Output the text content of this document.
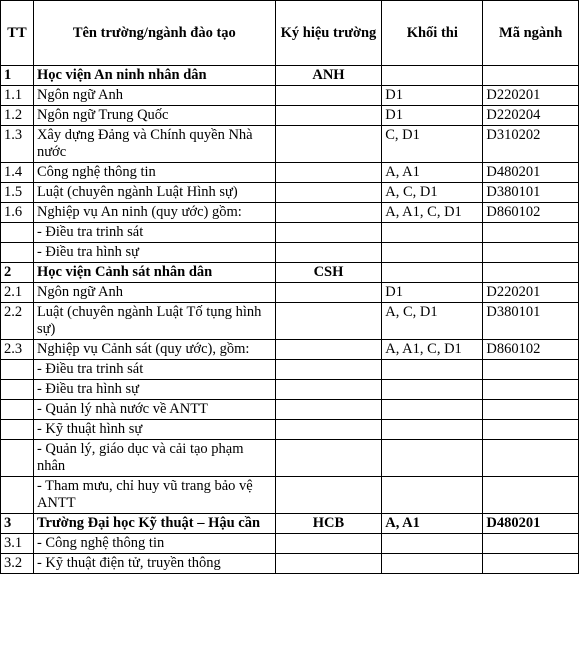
TT	Tên trường/ngành đào tạo	Ký hiệu trường	Khối thi	Mã ngành
1	Học viện An ninh nhân dân	ANH		
1.1	Ngôn ngữ Anh		D1	D220201
1.2	Ngôn ngữ Trung Quốc		D1	D220204
1.3	Xây dựng Đảng và Chính quyền Nhà nước		C, D1	D310202
1.4	Công nghệ thông tin		A, A1	D480201
1.5	Luật (chuyên ngành Luật Hình sự)		A, C, D1	D380101
1.6	Nghiệp vụ An ninh (quy ước) gồm:		A, A1, C, D1	D860102
	- Điều tra trinh sát			
	- Điều tra hình sự			
2	Học viện Cảnh sát nhân dân	CSH		
2.1	Ngôn ngữ Anh		D1	D220201
2.2	Luật (chuyên ngành Luật Tố tụng hình sự)		A, C, D1	D380101
2.3	Nghiệp vụ Cảnh sát (quy ước), gồm:		A, A1, C, D1	D860102
	- Điều tra trinh sát			
	- Điều tra hình sự			
	- Quản lý nhà nước về ANTT			
	- Kỹ thuật hình sự			
	- Quản lý, giáo dục và cải tạo phạm nhân			
	- Tham mưu, chỉ huy vũ trang bảo vệ ANTT			
3	Trường Đại học Kỹ thuật – Hậu cần	HCB	A, A1	D480201
3.1	- Công nghệ thông tin			
3.2	- Kỹ thuật điện tử, truyền thông			
